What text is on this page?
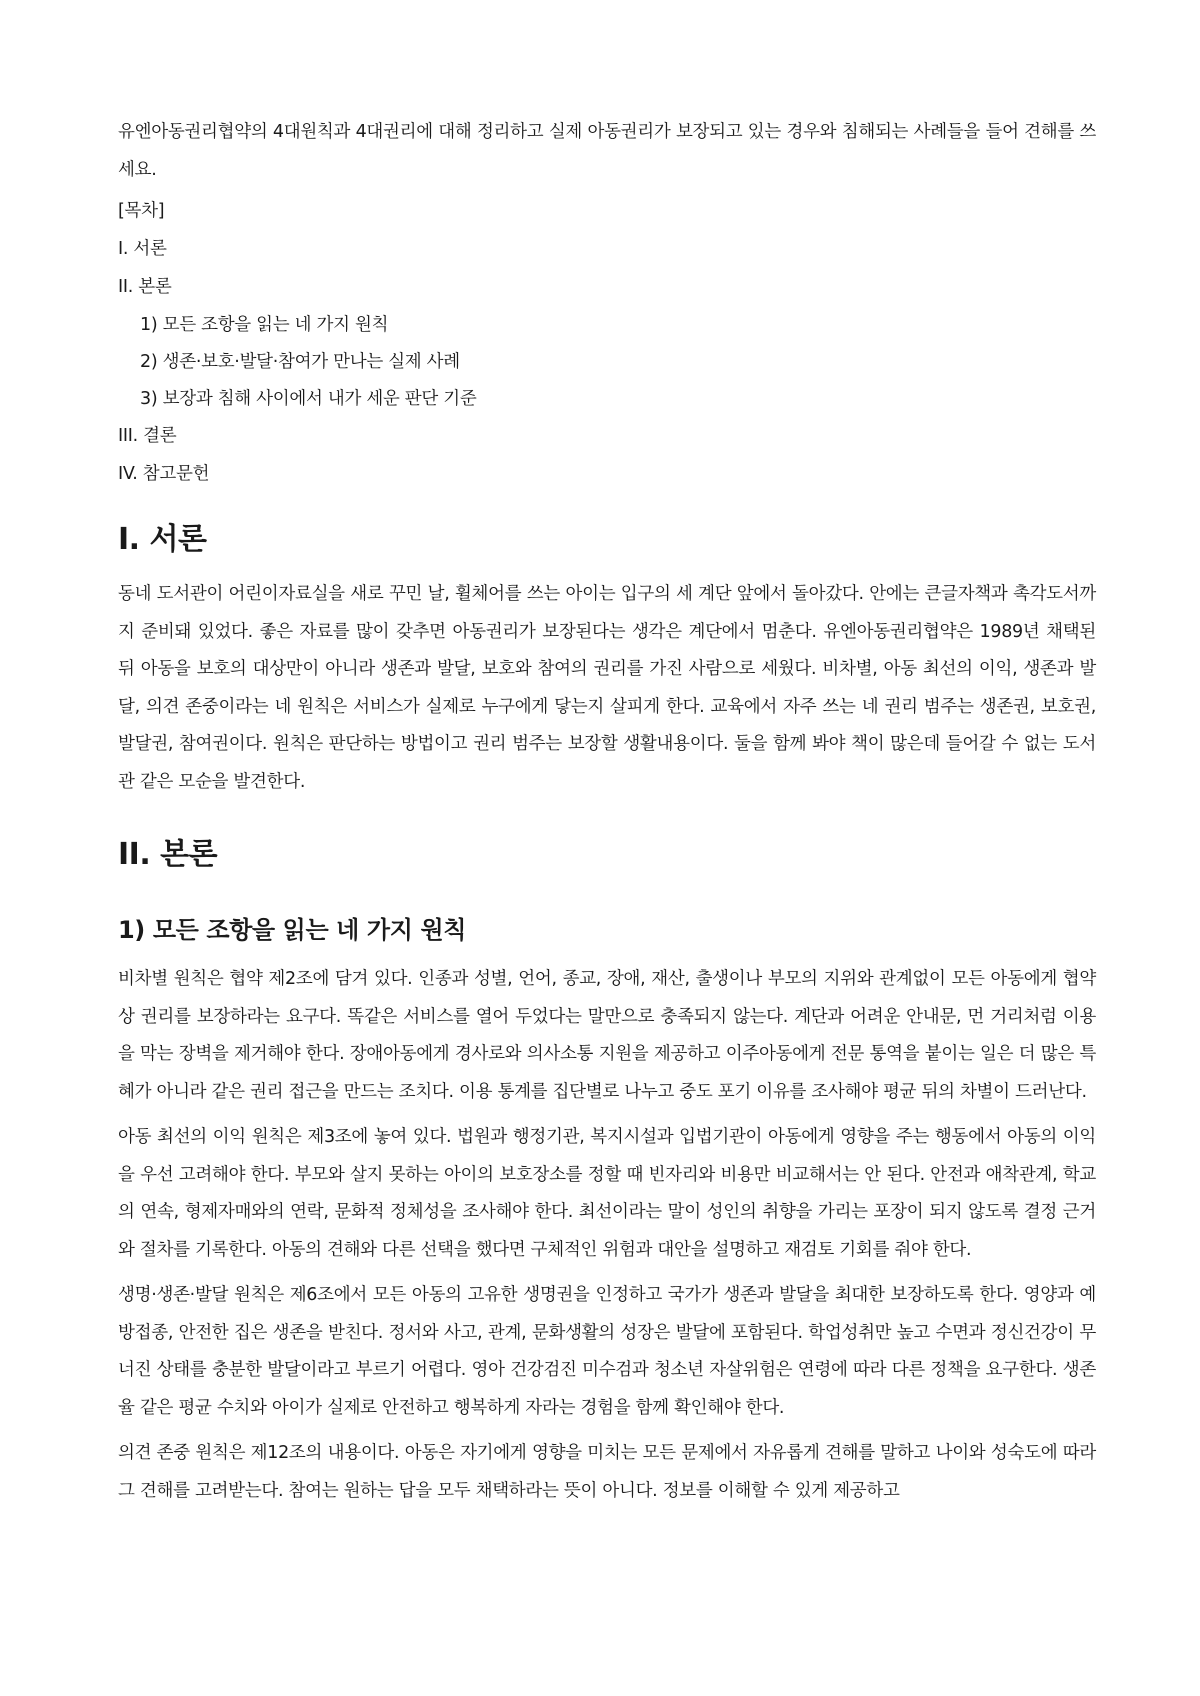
유엔아동권리협약의 4대원칙과 4대권리에 대해 정리하고 실제 아동권리가 보장되고 있는 경우와 침해되는 사례들을 들어 견해를 쓰세요.

[목차]

I. 서론

II. 본론

1) 모든 조항을 읽는 네 가지 원칙

2) 생존·보호·발달·참여가 만나는 실제 사례

3) 보장과 침해 사이에서 내가 세운 판단 기준

III. 결론

IV. 참고문헌

I. 서론

동네 도서관이 어린이자료실을 새로 꾸민 날, 휠체어를 쓰는 아이는 입구의 세 계단 앞에서 돌아갔다. 안에는 큰글자책과 촉각도서까지 준비돼 있었다. 좋은 자료를 많이 갖추면 아동권리가 보장된다는 생각은 계단에서 멈춘다. 유엔아동권리협약은 1989년 채택된 뒤 아동을 보호의 대상만이 아니라 생존과 발달, 보호와 참여의 권리를 가진 사람으로 세웠다. 비차별, 아동 최선의 이익, 생존과 발달, 의견 존중이라는 네 원칙은 서비스가 실제로 누구에게 닿는지 살피게 한다. 교육에서 자주 쓰는 네 권리 범주는 생존권, 보호권, 발달권, 참여권이다. 원칙은 판단하는 방법이고 권리 범주는 보장할 생활내용이다. 둘을 함께 봐야 책이 많은데 들어갈 수 없는 도서관 같은 모순을 발견한다.

II. 본론
1) 모든 조항을 읽는 네 가지 원칙

비차별 원칙은 협약 제2조에 담겨 있다. 인종과 성별, 언어, 종교, 장애, 재산, 출생이나 부모의 지위와 관계없이 모든 아동에게 협약상 권리를 보장하라는 요구다. 똑같은 서비스를 열어 두었다는 말만으로 충족되지 않는다. 계단과 어려운 안내문, 먼 거리처럼 이용을 막는 장벽을 제거해야 한다. 장애아동에게 경사로와 의사소통 지원을 제공하고 이주아동에게 전문 통역을 붙이는 일은 더 많은 특혜가 아니라 같은 권리 접근을 만드는 조치다. 이용 통계를 집단별로 나누고 중도 포기 이유를 조사해야 평균 뒤의 차별이 드러난다.

아동 최선의 이익 원칙은 제3조에 놓여 있다. 법원과 행정기관, 복지시설과 입법기관이 아동에게 영향을 주는 행동에서 아동의 이익을 우선 고려해야 한다. 부모와 살지 못하는 아이의 보호장소를 정할 때 빈자리와 비용만 비교해서는 안 된다. 안전과 애착관계, 학교의 연속, 형제자매와의 연락, 문화적 정체성을 조사해야 한다. 최선이라는 말이 성인의 취향을 가리는 포장이 되지 않도록 결정 근거와 절차를 기록한다. 아동의 견해와 다른 선택을 했다면 구체적인 위험과 대안을 설명하고 재검토 기회를 줘야 한다.

생명·생존·발달 원칙은 제6조에서 모든 아동의 고유한 생명권을 인정하고 국가가 생존과 발달을 최대한 보장하도록 한다. 영양과 예방접종, 안전한 집은 생존을 받친다. 정서와 사고, 관계, 문화생활의 성장은 발달에 포함된다. 학업성취만 높고 수면과 정신건강이 무너진 상태를 충분한 발달이라고 부르기 어렵다. 영아 건강검진 미수검과 청소년 자살위험은 연령에 따라 다른 정책을 요구한다. 생존율 같은 평균 수치와 아이가 실제로 안전하고 행복하게 자라는 경험을 함께 확인해야 한다.

의견 존중 원칙은 제12조의 내용이다. 아동은 자기에게 영향을 미치는 모든 문제에서 자유롭게 견해를 말하고 나이와 성숙도에 따라 그 견해를 고려받는다. 참여는 원하는 답을 모두 채택하라는 뜻이 아니다. 정보를 이해할 수 있게 제공하고
